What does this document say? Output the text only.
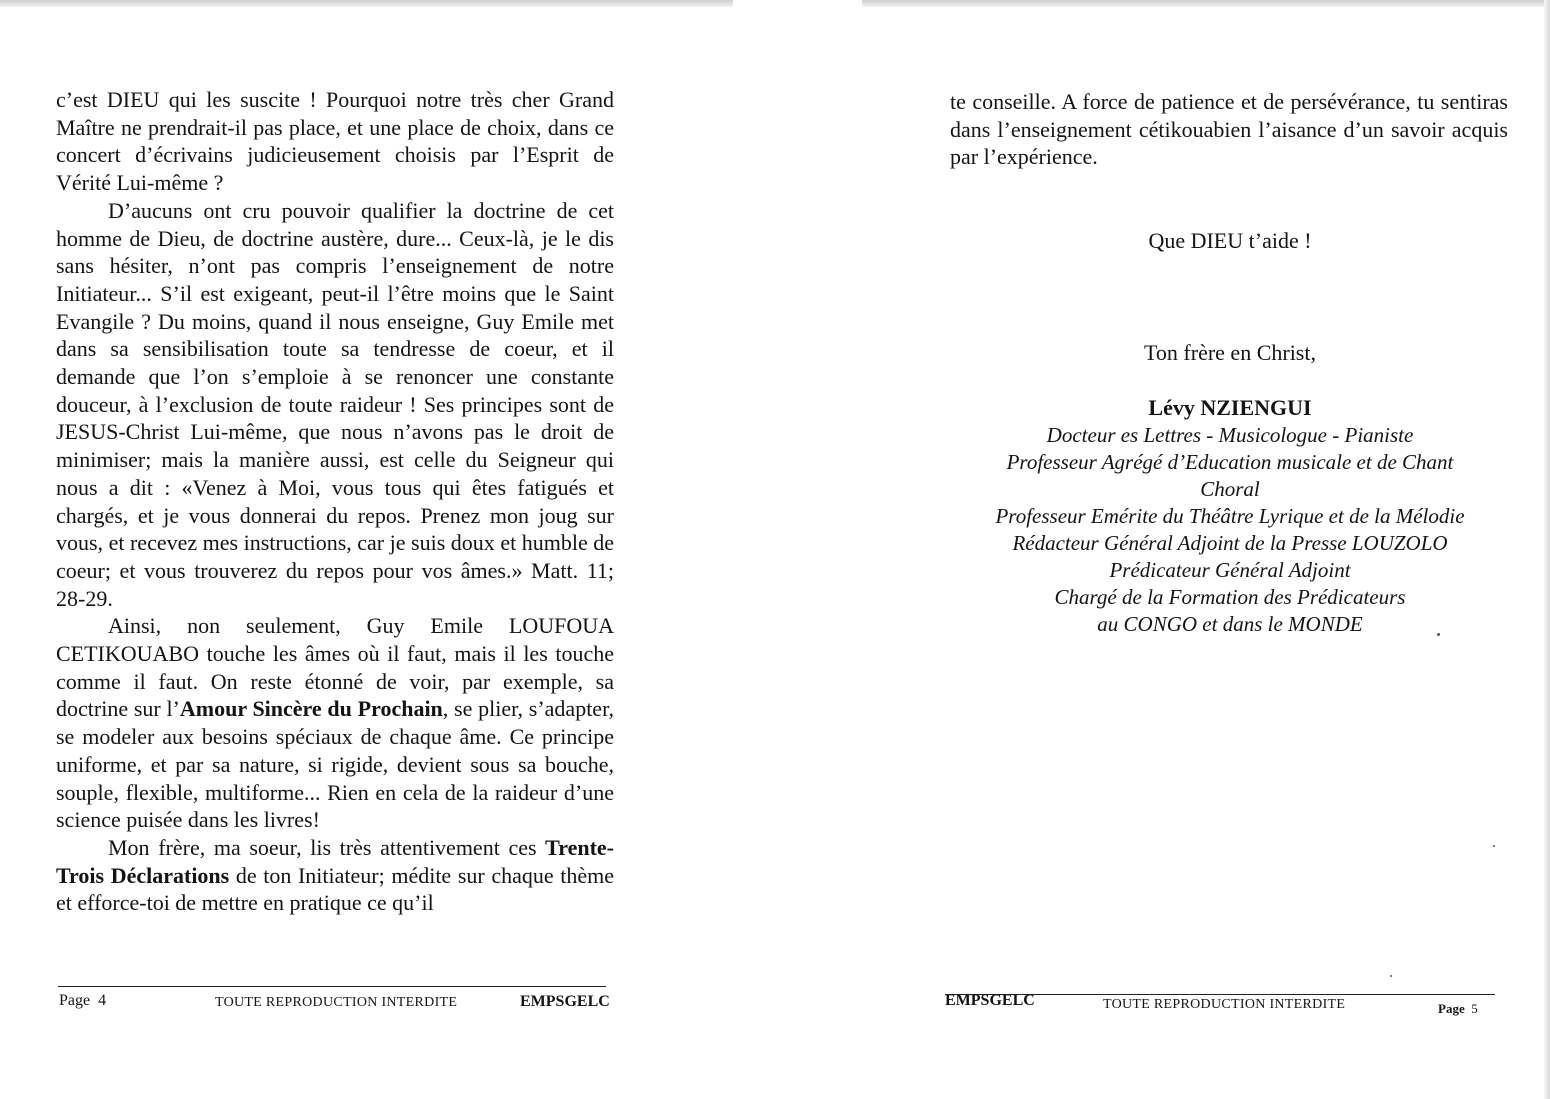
c’est DIEU qui les suscite ! Pourquoi notre très cher Grand Maître ne prendrait-il pas place, et une place de choix, dans ce concert d’écrivains judicieusement choisis par l’Esprit de Vérité Lui-même ?

D’aucuns ont cru pouvoir qualifier la doctrine de cet homme de Dieu, de doctrine austère, dure... Ceux-là, je le dis sans hésiter, n’ont pas compris l’enseignement de notre Initiateur... S’il est exigeant, peut-il l’être moins que le Saint Evangile ? Du moins, quand il nous enseigne, Guy Emile met dans sa sensibilisation toute sa tendresse de coeur, et il demande que l’on s’emploie à se renoncer une constante douceur, à l’exclusion de toute raideur ! Ses principes sont de JESUS-Christ Lui-même, que nous n’avons pas le droit de minimiser; mais la manière aussi, est celle du Seigneur qui nous a dit : «Venez à Moi, vous tous qui êtes fatigués et chargés, et je vous donnerai du repos. Prenez mon joug sur vous, et recevez mes instructions, car je suis doux et humble de coeur; et vous trouverez du repos pour vos âmes.» Matt. 11; 28-29.

Ainsi, non seulement, Guy Emile LOUFOUA CETIKOUABO touche les âmes où il faut, mais il les touche comme il faut. On reste étonné de voir, par exemple, sa doctrine sur l’Amour Sincère du Prochain, se plier, s’adapter, se modeler aux besoins spéciaux de chaque âme. Ce principe uniforme, et par sa nature, si rigide, devient sous sa bouche, souple, flexible, multiforme... Rien en cela de la raideur d’une science puisée dans les livres!

Mon frère, ma soeur, lis très attentivement ces Trente-Trois Déclarations de ton Initiateur; médite sur chaque thème et efforce-toi de mettre en pratique ce qu’il

Page 4	TOUTE REPRODUCTION INTERDITE	EMPSGELC

te conseille. A force de patience et de persévérance, tu sentiras dans l’enseignement cétikouabien l’aisance d’un savoir acquis par l’expérience.

Que DIEU t’aide !
Ton frère en Christ,
Lévy NZIENGUI
Docteur es Lettres - Musicologue - Pianiste
Professeur Agrégé d’Education musicale et de Chant
Choral
Professeur Emérite du Théâtre Lyrique et de la Mélodie
Rédacteur Général Adjoint de la Presse LOUZOLO
Prédicateur Général Adjoint
Chargé de la Formation des Prédicateurs
au CONGO et dans le MONDE
EMPSGELC	TOUTE REPRODUCTION INTERDITE	Page 5
